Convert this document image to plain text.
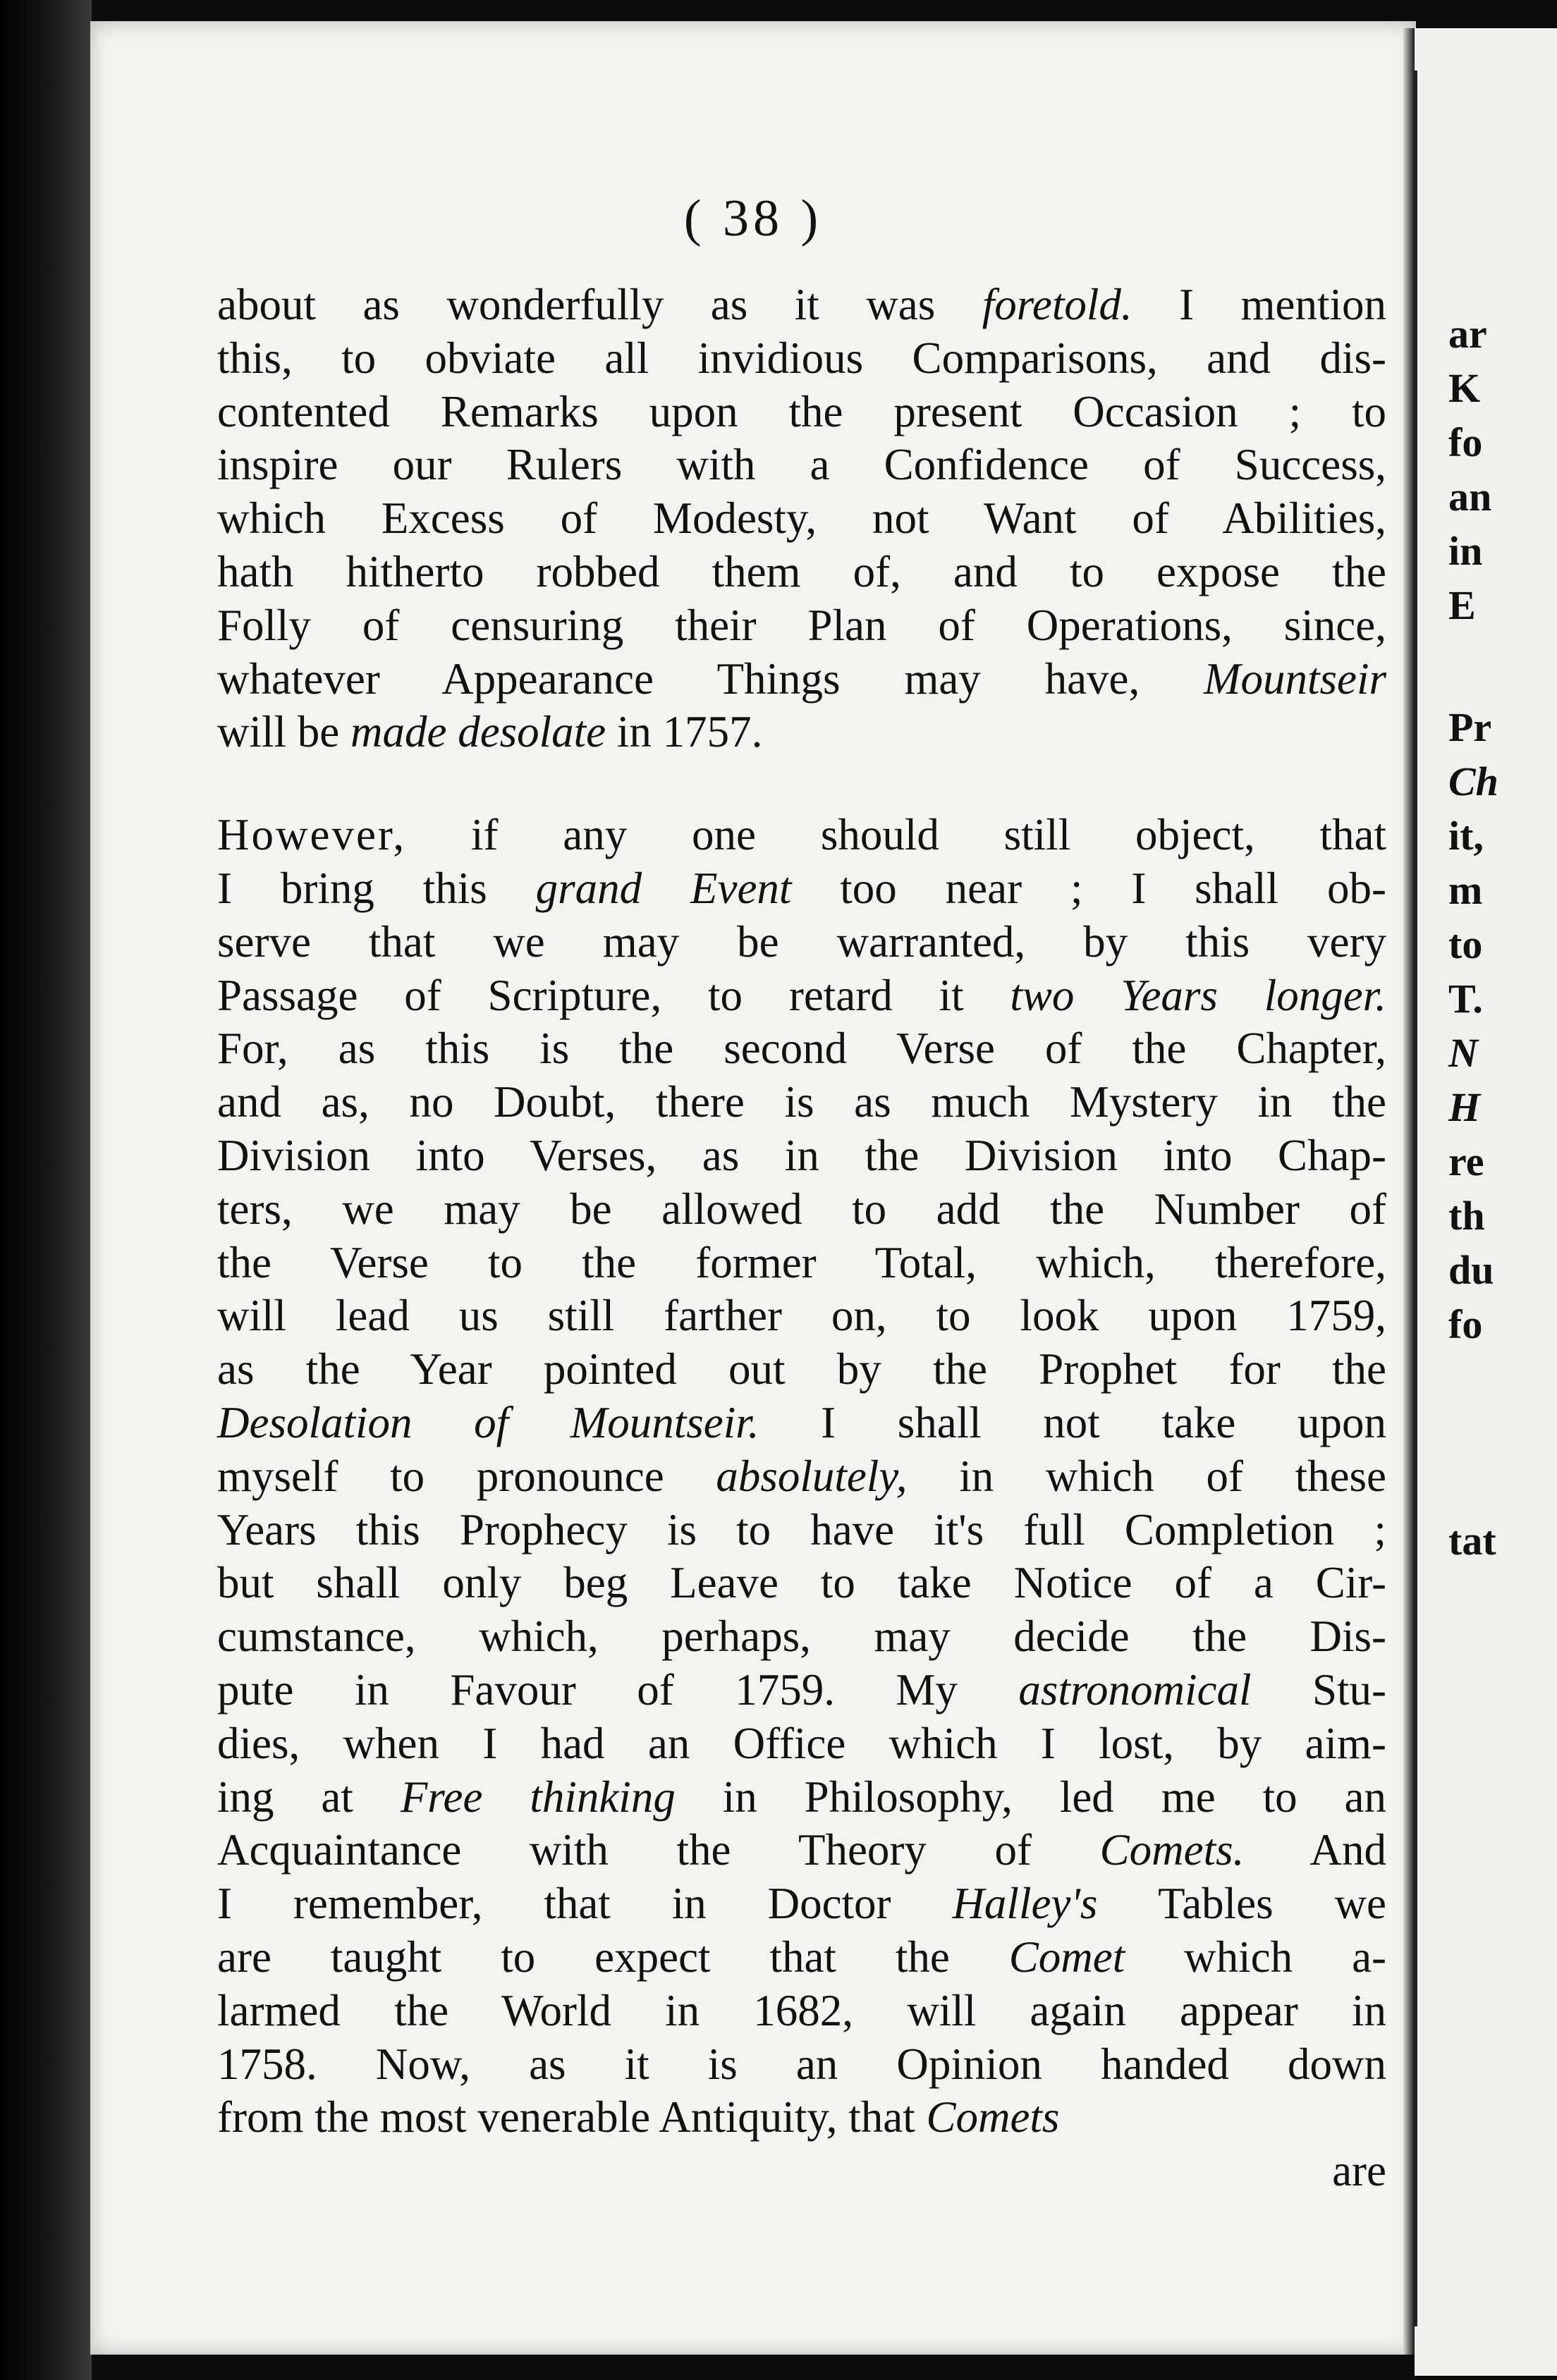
( 38 )
about as wonderfully as it was foretold. I mention
this, to obviate all invidious Comparisons, and dis-
contented Remarks upon the present Occasion ; to
inspire our Rulers with a Confidence of Success,
which Excess of Modesty, not Want of Abilities,
hath hitherto robbed them of, and to expose the
Folly of censuring their Plan of Operations, since,
whatever Appearance Things may have, Mountseir
will be made desolate in 1757.
However, if any one should still object, that
I bring this grand Event too near ; I shall ob-
serve that we may be warranted, by this very
Passage of Scripture, to retard it two Years longer.
For, as this is the second Verse of the Chapter,
and as, no Doubt, there is as much Mystery in the
Division into Verses, as in the Division into Chap-
ters, we may be allowed to add the Number of
the Verse to the former Total, which, therefore,
will lead us still farther on, to look upon 1759,
as the Year pointed out by the Prophet for the
Desolation of Mountseir. I shall not take upon
myself to pronounce absolutely, in which of these
Years this Prophecy is to have it's full Completion ;
but shall only beg Leave to take Notice of a Cir-
cumstance, which, perhaps, may decide the Dis-
pute in Favour of 1759. My astronomical Stu-
dies, when I had an Office which I lost, by aim-
ing at Free thinking in Philosophy, led me to an
Acquaintance with the Theory of Comets. And
I remember, that in Doctor Halley's Tables we
are taught to expect that the Comet which a-
larmed the World in 1682, will again appear in
1758. Now, as it is an Opinion handed down
from the most venerable Antiquity, that Comets
are
ar
K
fo
an
in
E
Pr
Ch
it,
m
to
T.
N
H
re
th
du
fo
tat
